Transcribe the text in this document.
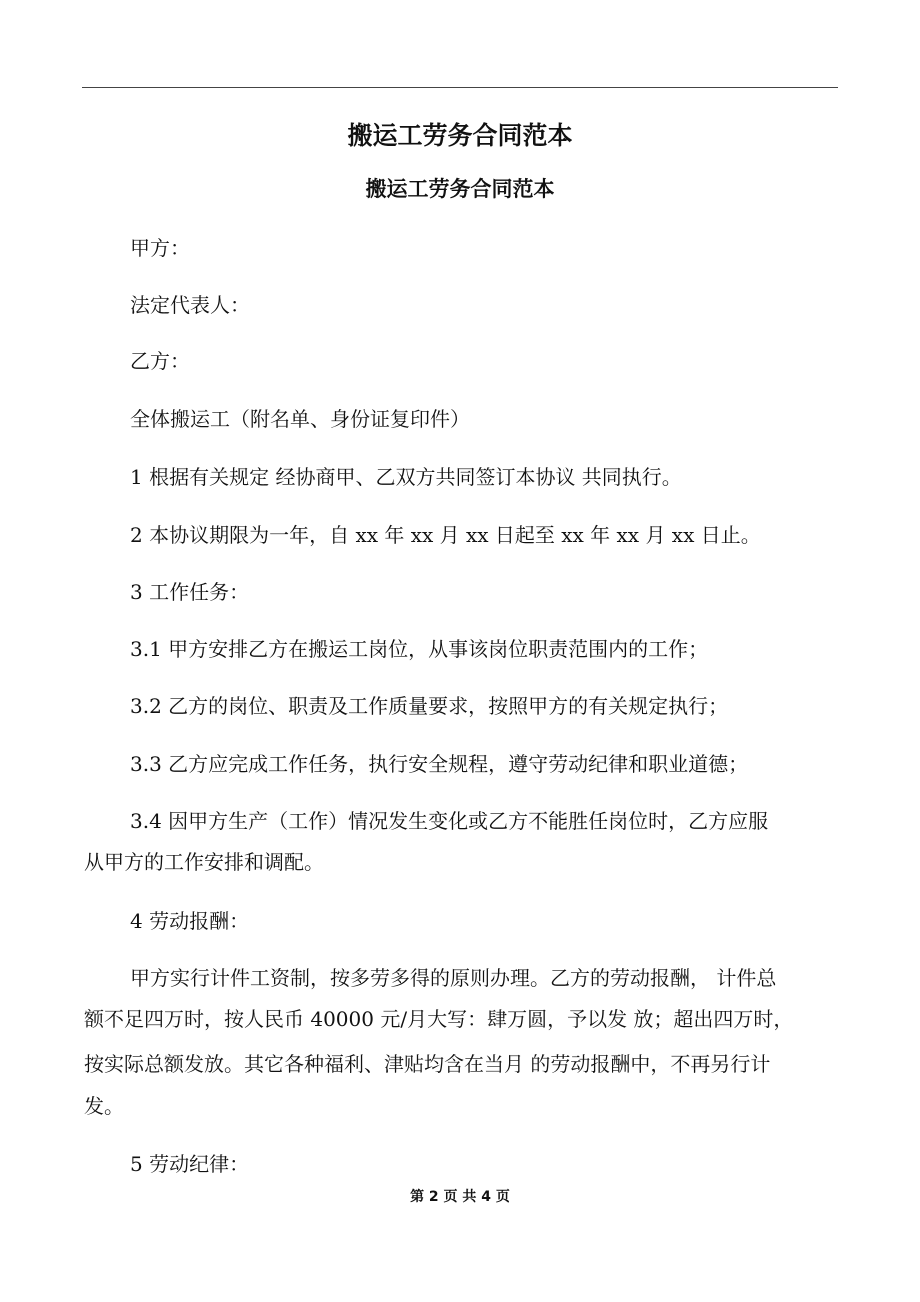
搬运工劳务合同范本
搬运工劳务合同范本
甲方：
法定代表人：
乙方：
全体搬运工（附名单、身份证复印件）
1 根据有关规定 经协商甲、乙双方共同签订本协议 共同执行。
2 本协议期限为一年，自 xx 年 xx 月 xx 日起至 xx 年 xx 月 xx 日止。
3 工作任务：
3.1 甲方安排乙方在搬运工岗位，从事该岗位职责范围内的工作；
3.2 乙方的岗位、职责及工作质量要求，按照甲方的有关规定执行；
3.3 乙方应完成工作任务，执行安全规程，遵守劳动纪律和职业道德；
3.4 因甲方生产（工作）情况发生变化或乙方不能胜任岗位时，乙方应服
从甲方的工作安排和调配。
4 劳动报酬：
甲方实行计件工资制，按多劳多得的原则办理。乙方的劳动报酬， 计件总
额不足四万时，按人民币 40000 元/月大写：肆万圆，予以发 放；超出四万时，
按实际总额发放。其它各种福利、津贴均含在当月 的劳动报酬中，不再另行计
发。
5 劳动纪律：
第 2 页 共 4 页
